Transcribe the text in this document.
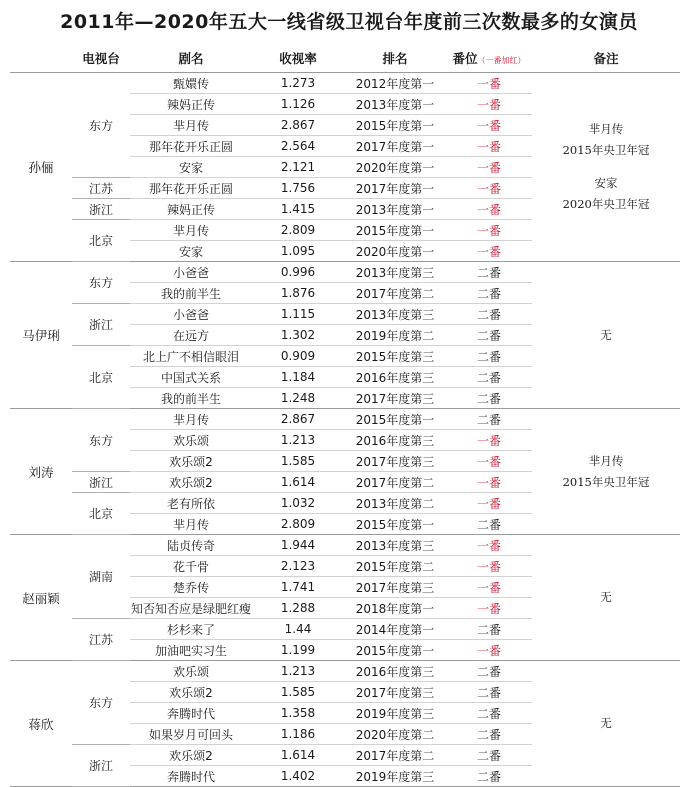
2011年—2020年五大一线省级卫视台年度前三次数最多的女演员
	电视台	剧名	收视率	排名	番位（一番加红）	备注
孙俪	东方	甄嬛传	1.273	2012年度第一	一番	芈月传
2015年央卫年冠
安家
2020年央卫年冠

		辣妈正传	1.126	2013年度第一	一番	
		芈月传	2.867	2015年度第一	一番	
		那年花开乐正圆	2.564	2017年度第一	一番	
		安家	2.121	2020年度第一	一番	
	江苏	那年花开乐正圆	1.756	2017年度第一	一番	
	浙江	辣妈正传	1.415	2013年度第一	一番	
	北京	芈月传	2.809	2015年度第一	一番	
		安家	1.095	2020年度第一	一番	
马伊琍	东方	小爸爸	0.996	2013年度第三	二番	无

		我的前半生	1.876	2017年度第二	二番	
	浙江	小爸爸	1.115	2013年度第三	二番	
		在远方	1.302	2019年度第二	二番	
	北京	北上广不相信眼泪	0.909	2015年度第三	二番	
		中国式关系	1.184	2016年度第三	二番	
		我的前半生	1.248	2017年度第三	二番	
刘涛	东方	芈月传	2.867	2015年度第一	二番	芈月传
2015年央卫年冠

		欢乐颂	1.213	2016年度第三	一番	
		欢乐颂2	1.585	2017年度第三	一番	
	浙江	欢乐颂2	1.614	2017年度第二	一番	
	北京	老有所依	1.032	2013年度第二	一番	
		芈月传	2.809	2015年度第一	二番	
赵丽颖	湖南	陆贞传奇	1.944	2013年度第三	一番	无

		花千骨	2.123	2015年度第二	一番	
		楚乔传	1.741	2017年度第三	一番	
		知否知否应是绿肥红瘦	1.288	2018年度第一	一番	
	江苏	杉杉来了	1.44	2014年度第一	二番	
		加油吧实习生	1.199	2015年度第一	一番	
蒋欣	东方	欢乐颂	1.213	2016年度第三	二番	无

		欢乐颂2	1.585	2017年度第三	二番	
		奔腾时代	1.358	2019年度第三	二番	
		如果岁月可回头	1.186	2020年度第二	二番	
	浙江	欢乐颂2	1.614	2017年度第二	二番	
		奔腾时代	1.402	2019年度第三	二番	
